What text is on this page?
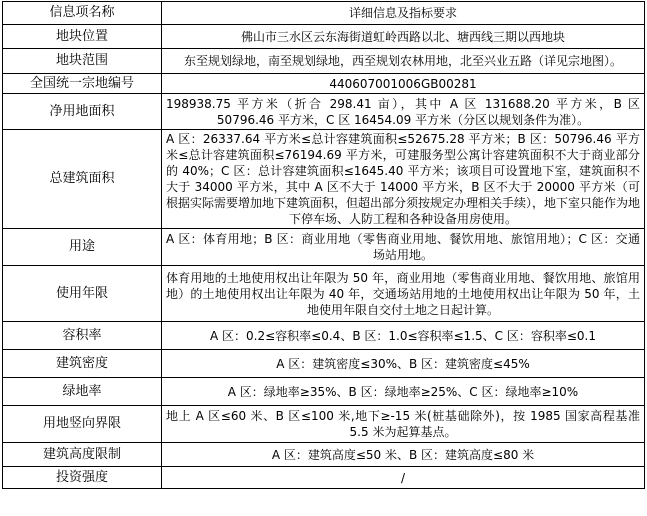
信息项名称	详细信息及指标要求
地块位置	佛山市三水区云东海街道虹岭西路以北、塘西线三期以西地块
地块范围	东至规划绿地，南至规划绿地，西至规划农林用地，北至兴业五路（详见宗地图）。
全国统一宗地编号	440607001006GB00281
净用地面积	198938.75 平方米（折合 298.41 亩），其中 A 区 131688.20 平方米，B 区 50796.46 平方米，C 区 16454.09 平方米（分区以规划条件为准）。
总建筑面积	A 区：26337.64 平方米≤总计容建筑面积≤52675.28 平方米；B 区：50796.46 平方米≤总计容建筑面积≤76194.69 平方米，可建服务型公寓计容建筑面积不大于商业部分的 40%；C 区：总计容建筑面积≤1645.40 平方米；该项目可设置地下室，建筑面积不大于 34000 平方米，其中 A 区不大于 14000 平方米，B 区不大于 20000 平方米（可根据实际需要增加地下建筑面积，但超出部分须按规定办理相关手续），地下室只能作为地下停车场、人防工程和各种设备用房使用。
用途	A 区：体育用地；B 区：商业用地（零售商业用地、餐饮用地、旅馆用地）；C 区：交通场站用地。
使用年限	体育用地的土地使用权出让年限为 50 年，商业用地（零售商业用地、餐饮用地、旅馆用地）的土地使用权出让年限为 40 年，交通场站用地的土地使用权出让年限为 50 年，土地使用年限自交付土地之日起计算。
容积率	A 区：0.2≤容积率≤0.4、B 区：1.0≤容积率≤1.5、C 区：容积率≤0.1
建筑密度	A 区：建筑密度≤30%、B 区：建筑密度≤45%
绿地率	A 区：绿地率≥35%、B 区：绿地率≥25%、C 区：绿地率≥10%
用地竖向界限	地上 A 区≤60 米、B 区≤100 米,地下≥-15 米(桩基础除外)，按 1985 国家高程基准 5.5 米为起算基点。
建筑高度限制	A 区：建筑高度≤50 米、B 区：建筑高度≤80 米
投资强度	/
